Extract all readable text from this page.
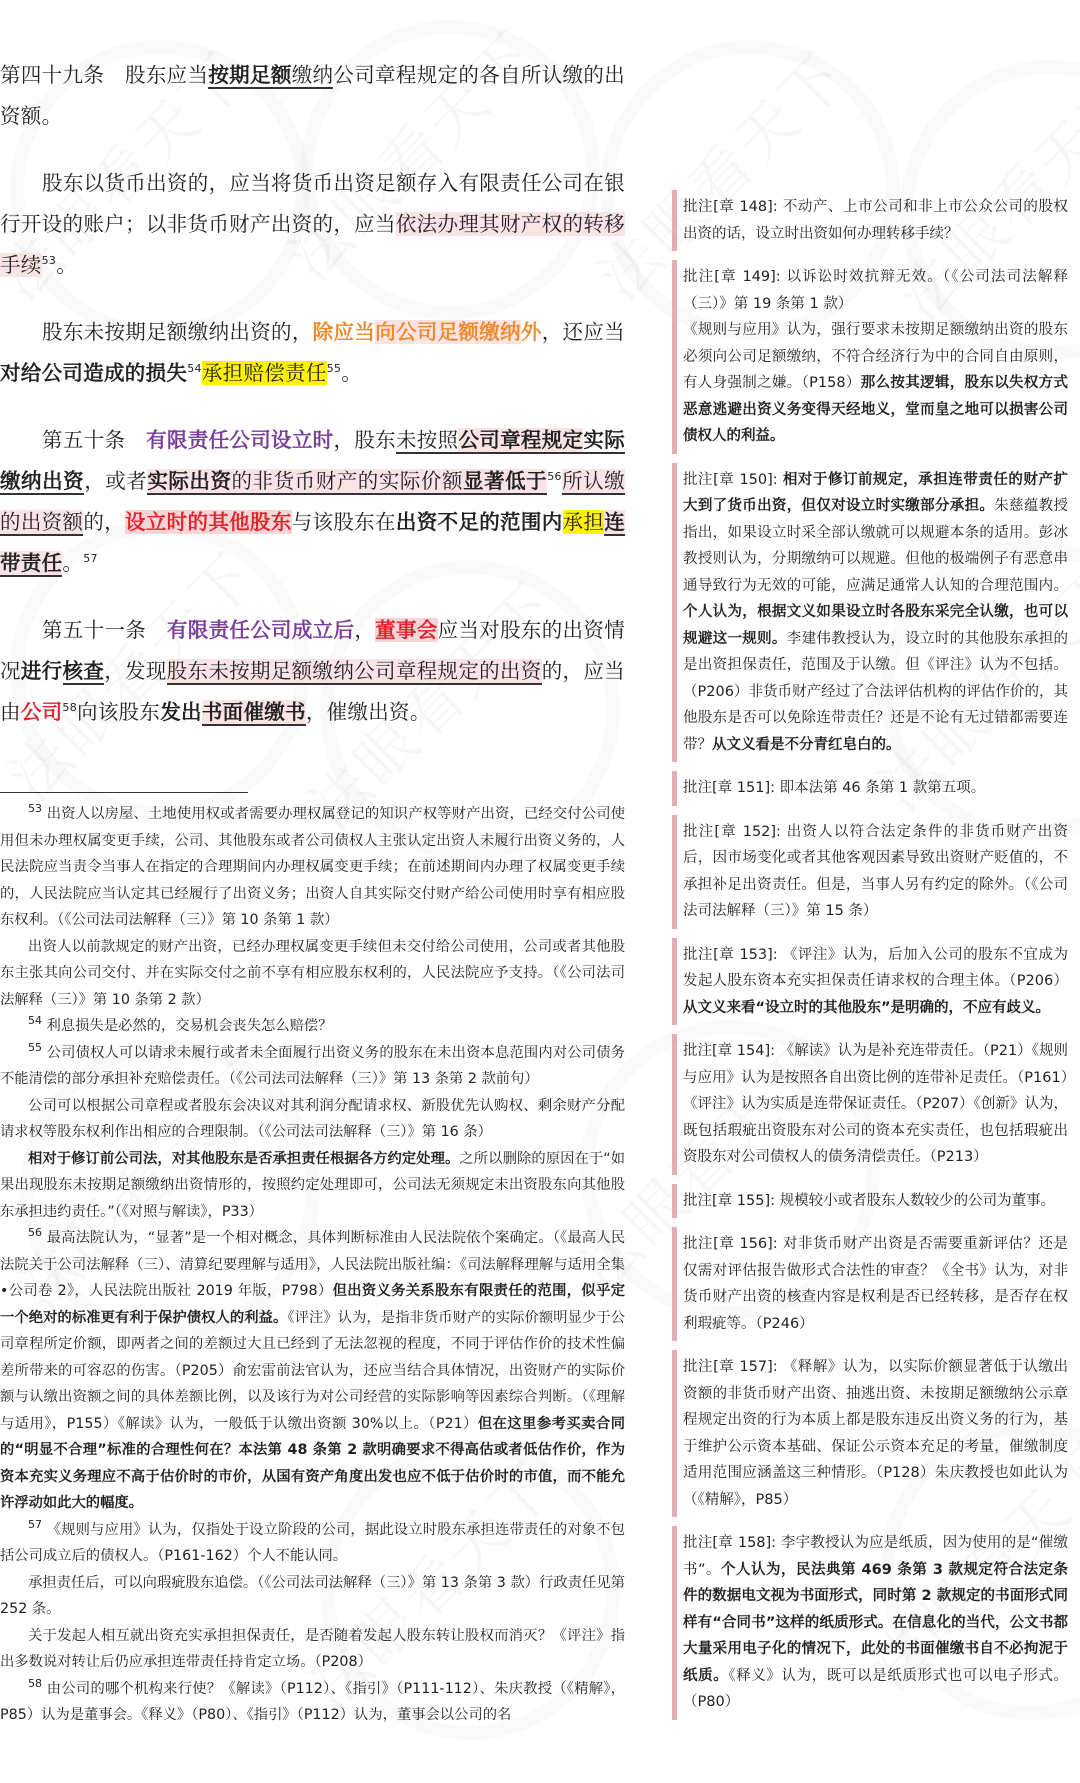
第四十九条　股东应当按期足额缴纳公司章程规定的各自所认缴的出资额。

股东以货币出资的，应当将货币出资足额存入有限责任公司在银行开设的账户；以非货币财产出资的，应当依法办理其财产权的转移手续$^{53}$。

股东未按期足额缴纳出资的，除应当向公司足额缴纳外，还应当对给公司造成的损失$^{54}$承担赔偿责任$^{55}$。

第五十条　有限责任公司设立时，股东未按照公司章程规定实际缴纳出资，或者实际出资的非货币财产的实际价额显著低于$^{56}$所认缴的出资额的，设立时的其他股东与该股东在出资不足的范围内承担连带责任。$^{57}$

第五十一条　有限责任公司成立后，董事会应当对股东的出资情况进行核查，发现股东未按期足额缴纳公司章程规定的出资的，应当由公司$^{58}$向该股东发出书面催缴书，催缴出资。

$^{53}$ 出资人以房屋、土地使用权或者需要办理权属登记的知识产权等财产出资，已经交付公司使用但未办理权属变更手续，公司、其他股东或者公司债权人主张认定出资人未履行出资义务的，人民法院应当责令当事人在指定的合理期间内办理权属变更手续；在前述期间内办理了权属变更手续的，人民法院应当认定其已经履行了出资义务；出资人自其实际交付财产给公司使用时享有相应股东权利。（《公司法司法解释（三）》第 10 条第 1 款）

出资人以前款规定的财产出资，已经办理权属变更手续但未交付给公司使用，公司或者其他股东主张其向公司交付、并在实际交付之前不享有相应股东权利的，人民法院应予支持。（《公司法司法解释（三）》第 10 条第 2 款）

$^{54}$ 利息损失是必然的，交易机会丧失怎么赔偿？

$^{55}$ 公司债权人可以请求未履行或者未全面履行出资义务的股东在未出资本息范围内对公司债务不能清偿的部分承担补充赔偿责任。（《公司法司法解释（三）》第 13 条第 2 款前句）

公司可以根据公司章程或者股东会决议对其利润分配请求权、新股优先认购权、剩余财产分配请求权等股东权利作出相应的合理限制。（《公司法司法解释（三）》第 16 条）

相对于修订前公司法，对其他股东是否承担责任根据各方约定处理。之所以删除的原因在于“如果出现股东未按期足额缴纳出资情形的，按照约定处理即可，公司法无须规定未出资股东向其他股东承担违约责任。”（《对照与解读》，P33）

$^{56}$ 最高法院认为，“显著”是一个相对概念，具体判断标准由人民法院依个案确定。（《最高人民法院关于公司法解释（三）、清算纪要理解与适用》，人民法院出版社编：《司法解释理解与适用全集•公司卷 2》，人民法院出版社 2019 年版，P798）但出资义务关系股东有限责任的范围，似乎定一个绝对的标准更有利于保护债权人的利益。《评注》认为，是指非货币财产的实际价额明显少于公司章程所定价额，即两者之间的差额过大且已经到了无法忽视的程度，不同于评估作价的技术性偏差所带来的可容忍的伤害。（P205）俞宏雷前法官认为，还应当结合具体情况，出资财产的实际价额与认缴出资额之间的具体差额比例，以及该行为对公司经营的实际影响等因素综合判断。（《理解与适用》，P155）《解读》认为，一般低于认缴出资额 30%以上。（P21）但在这里参考买卖合同的“明显不合理”标准的合理性何在？本法第 48 条第 2 款明确要求不得高估或者低估作价，作为资本充实义务理应不高于估价时的市价，从国有资产角度出发也应不低于估价时的市值，而不能允许浮动如此大的幅度。

$^{57}$ 《规则与应用》认为，仅指处于设立阶段的公司，据此设立时股东承担连带责任的对象不包括公司成立后的债权人。（P161-162）个人不能认同。

承担责任后，可以向瑕疵股东追偿。（《公司法司法解释（三）》第 13 条第 3 款）行政责任见第 252 条。

关于发起人相互就出资充实承担担保责任，是否随着发起人股东转让股权而消灭？《评注》指出多数说对转让后仍应承担连带责任持肯定立场。（P208）

$^{58}$ 由公司的哪个机构来行使？《解读》（P112）、《指引》（P111-112）、朱庆教授（《精解》，P85）认为是董事会。《释义》（P80）、《指引》（P112）认为，董事会以公司的名

批注[章 148]: 不动产、上市公司和非上市公众公司的股权出资的话，设立时出资如何办理转移手续？
批注[章 149]: 以诉讼时效抗辩无效。（《公司法司法解释（三）》第 19 条第 1 款）
《规则与应用》认为，强行要求未按期足额缴纳出资的股东必须向公司足额缴纳，不符合经济行为中的合同自由原则，有人身强制之嫌。（P158）那么按其逻辑，股东以失权方式恶意逃避出资义务变得天经地义，堂而皇之地可以损害公司债权人的利益。
批注[章 150]: 相对于修订前规定，承担连带责任的财产扩大到了货币出资，但仅对设立时实缴部分承担。朱慈蕴教授指出，如果设立时采全部认缴就可以规避本条的适用。彭冰教授则认为，分期缴纳可以规避。但他的极端例子有恶意串通导致行为无效的可能，应满足通常人认知的合理范围内。个人认为，根据文义如果设立时各股东采完全认缴，也可以规避这一规则。李建伟教授认为，设立时的其他股东承担的是出资担保责任，范围及于认缴。但《评注》认为不包括。（P206）非货币财产经过了合法评估机构的评估作价的，其他股东是否可以免除连带责任？还是不论有无过错都需要连带？从文义看是不分青红皂白的。
批注[章 151]: 即本法第 46 条第 1 款第五项。
批注[章 152]: 出资人以符合法定条件的非货币财产出资后，因市场变化或者其他客观因素导致出资财产贬值的，不承担补足出资责任。但是，当事人另有约定的除外。（《公司法司法解释（三）》第 15 条）
批注[章 153]: 《评注》认为，后加入公司的股东不宜成为发起人股东资本充实担保责任请求权的合理主体。（P206）从文义来看“设立时的其他股东”是明确的，不应有歧义。
批注[章 154]: 《解读》认为是补充连带责任。（P21）《规则与应用》认为是按照各自出资比例的连带补足责任。（P161）《评注》认为实质是连带保证责任。（P207）《创新》认为，既包括瑕疵出资股东对公司的资本充实责任，也包括瑕疵出资股东对公司债权人的债务清偿责任。（P213）
批注[章 155]: 规模较小或者股东人数较少的公司为董事。
批注[章 156]: 对非货币财产出资是否需要重新评估？还是仅需对评估报告做形式合法性的审查？《全书》认为，对非货币财产出资的核查内容是权利是否已经转移，是否存在权利瑕疵等。（P246）
批注[章 157]: 《释解》认为，以实际价额显著低于认缴出资额的非货币财产出资、抽逃出资、未按期足额缴纳公示章程规定出资的行为本质上都是股东违反出资义务的行为，基于维护公示资本基础、保证公示资本充足的考量，催缴制度适用范围应涵盖这三种情形。（P128）朱庆教授也如此认为（《精解》，P85）
批注[章 158]: 李宇教授认为应是纸质，因为使用的是“催缴书”。个人认为，民法典第 469 条第 3 款规定符合法定条件的数据电文视为书面形式，同时第 2 款规定的书面形式同样有“合同书”这样的纸质形式。在信息化的当代，公文书都大量采用电子化的情况下，此处的书面催缴书自不必拘泥于纸质。《释义》认为，既可以是纸质形式也可以电子形式。（P80）
